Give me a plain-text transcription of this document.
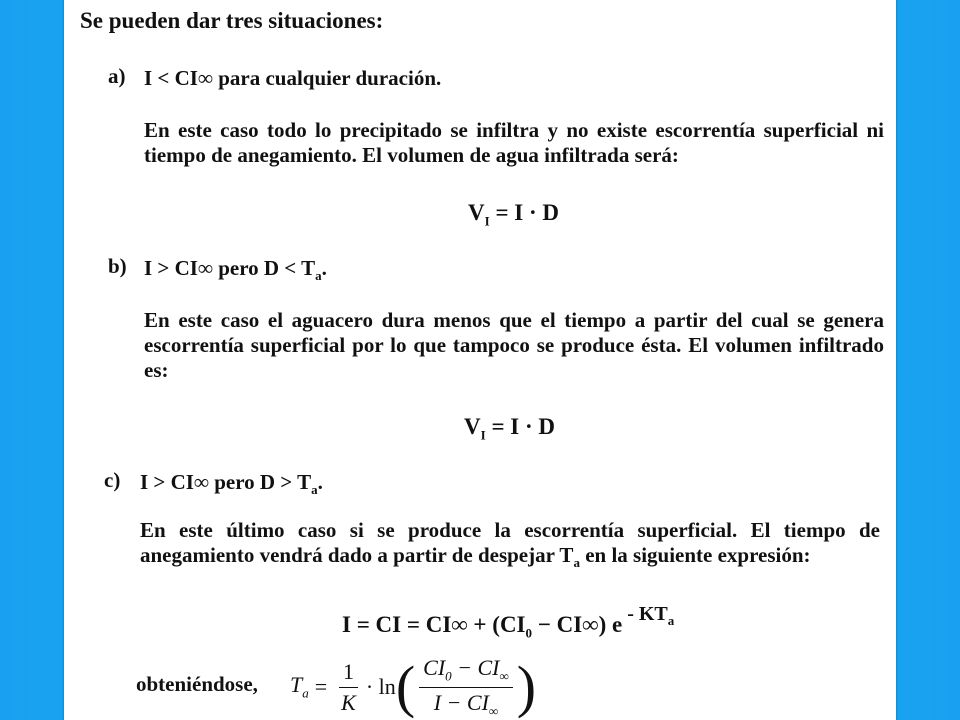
Se pueden dar tres situaciones:
a) I < CI∞ para cualquier duración.
En este caso todo lo precipitado se infiltra y no existe escorrentía superficial ni tiempo de anegamiento. El volumen de agua infiltrada será:
$V_I = I \cdot D$
b) I > CI∞ pero $D < T_a$.
En este caso el aguacero dura menos que el tiempo a partir del cual se genera escorrentía superficial por lo que tampoco se produce ésta. El volumen infiltrado es:
$V_I = I \cdot D$
c) I > CI∞ pero $D > T_a$.
En este último caso si se produce la escorrentía superficial. El tiempo de anegamiento vendrá dado a partir de despejar $T_a$ en la siguiente expresión:
I = CI = $CI\infty + (CI_0 - CI\infty)$ e - $KT_a$
obteniéndose, $T_a = \frac{1}{K} \cdot \ln$ ( $\frac{CI_0 - CI_\infty}{I - CI_\infty}$ )
